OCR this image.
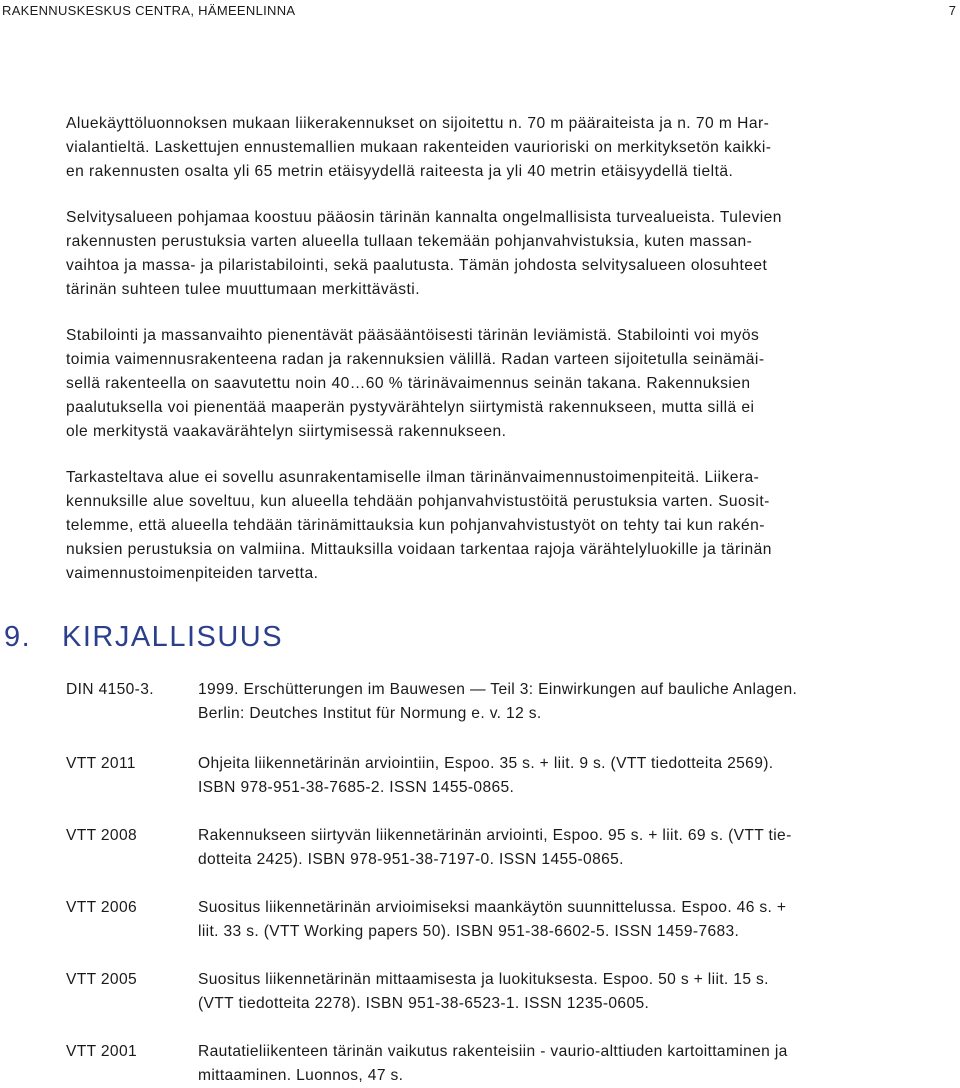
RAKENNUSKESKUS CENTRA, HÄMEENLINNA	7

Aluekäyttöluonnoksen mukaan liikerakennukset on sijoitettu n. 70 m pääraiteista ja n. 70 m Har-
vialantieltä. Laskettujen ennustemallien mukaan rakenteiden vaurioriski on merkityksetön kaikki-
en rakennusten osalta yli 65 metrin etäisyydellä raiteesta ja yli 40 metrin etäisyydellä tieltä.

Selvitysalueen pohjamaa koostuu pääosin tärinän kannalta ongelmallisista turvealueista. Tulevien
rakennusten perustuksia varten alueella tullaan tekemään pohjanvahvistuksia, kuten massan-
vaihtoa ja massa- ja pilaristabilointi, sekä paalutusta. Tämän johdosta selvitysalueen olosuhteet
tärinän suhteen tulee muuttumaan merkittävästi.

Stabilointi ja massanvaihto pienentävät pääsääntöisesti tärinän leviämistä. Stabilointi voi myös
toimia vaimennusrakenteena radan ja rakennuksien välillä. Radan varteen sijoitetulla seinämäi-
sellä rakenteella on saavutettu noin 40…60 % tärinävaimennus seinän takana. Rakennuksien
paalutuksella voi pienentää maaperän pystyvärähtelyn siirtymistä rakennukseen, mutta sillä ei
ole merkitystä vaakavärähtelyn siirtymisessä rakennukseen.

Tarkasteltava alue ei sovellu asunrakentamiselle ilman tärinänvaimennustoimenpiteitä. Liikera-
kennuksille alue soveltuu, kun alueella tehdään pohjanvahvistustöitä perustuksia varten. Suosit-
telemme, että alueella tehdään tärinämittauksia kun pohjanvahvistustyöt on tehty tai kun rakén-
nuksien perustuksia on valmiina. Mittauksilla voidaan tarkentaa rajoja värähtelyluokille ja tärinän
vaimennustoimenpiteiden tarvetta.

9. KIRJALLISUUS
DIN 4150-3.	1999. Erschütterungen im Bauwesen — Teil 3: Einwirkungen auf bauliche Anlagen.
Berlin: Deutches Institut für Normung e. v. 12 s.
VTT 2011	Ohjeita liikennetärinän arviointiin, Espoo. 35 s. + liit. 9 s. (VTT tiedotteita 2569).
ISBN 978-951-38-7685-2. ISSN 1455-0865.
VTT 2008	Rakennukseen siirtyvän liikennetärinän arviointi, Espoo. 95 s. + liit. 69 s. (VTT tie-
dotteita 2425). ISBN 978-951-38-7197-0. ISSN 1455-0865.
VTT 2006	Suositus liikennetärinän arvioimiseksi maankäytön suunnittelussa. Espoo. 46 s. +
liit. 33 s. (VTT Working papers 50). ISBN 951-38-6602-5. ISSN 1459-7683.
VTT 2005	Suositus liikennetärinän mittaamisesta ja luokituksesta. Espoo. 50 s + liit. 15 s.
(VTT tiedotteita 2278). ISBN 951-38-6523-1. ISSN 1235-0605.
VTT 2001	Rautatieliikenteen tärinän vaikutus rakenteisiin - vaurio-alttiuden kartoittaminen ja
mittaaminen. Luonnos, 47 s.
